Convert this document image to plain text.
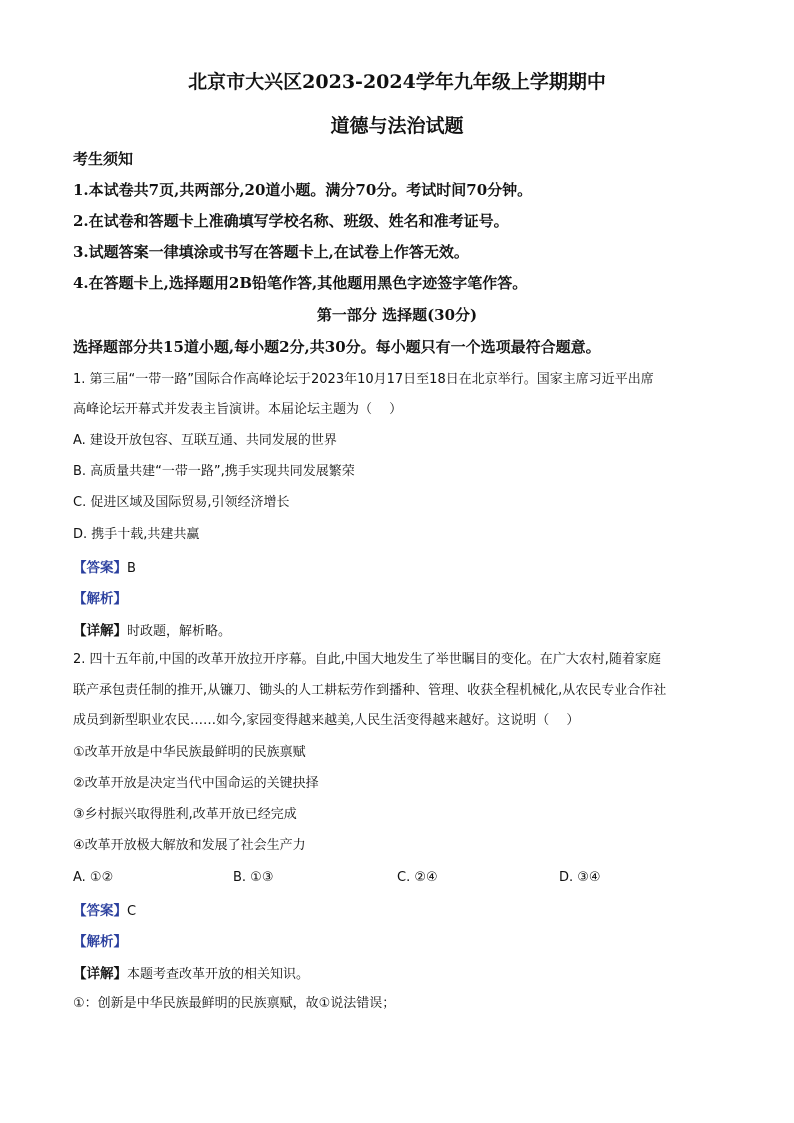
北京市大兴区2023-2024学年九年级上学期期中
道德与法治试题
考生须知
1.本试卷共7页,共两部分,20道小题。满分70分。考试时间70分钟。
2.在试卷和答题卡上准确填写学校名称、班级、姓名和准考证号。
3.试题答案一律填涂或书写在答题卡上,在试卷上作答无效。
4.在答题卡上,选择题用2B铅笔作答,其他题用黑色字迹签字笔作答。
第一部分 选择题(30分)
选择题部分共15道小题,每小题2分,共30分。每小题只有一个选项最符合题意。
1. 第三届“一带一路”国际合作高峰论坛于2023年10月17日至18日在北京举行。国家主席习近平出席
高峰论坛开幕式并发表主旨演讲。本届论坛主题为（　 ）
A. 建设开放包容、互联互通、共同发展的世界
B. 高质量共建“一带一路”,携手实现共同发展繁荣
C. 促进区域及国际贸易,引领经济增长
D. 携手十载,共建共赢
【答案】B
【解析】
【详解】时政题，解析略。
2. 四十五年前,中国的改革开放拉开序幕。自此,中国大地发生了举世瞩目的变化。在广大农村,随着家庭
联产承包责任制的推开,从镰刀、锄头的人工耕耘劳作到播种、管理、收获全程机械化,从农民专业合作社
成员到新型职业农民……如今,家园变得越来越美,人民生活变得越来越好。这说明（　 ）
①改革开放是中华民族最鲜明的民族禀赋
②改革开放是决定当代中国命运的关键抉择
③乡村振兴取得胜利,改革开放已经完成
④改革开放极大解放和发展了社会生产力
A. ①②	B. ①③	C. ②④	D. ③④
【答案】C
【解析】
【详解】本题考查改革开放的相关知识。
①：创新是中华民族最鲜明的民族禀赋，故①说法错误；
